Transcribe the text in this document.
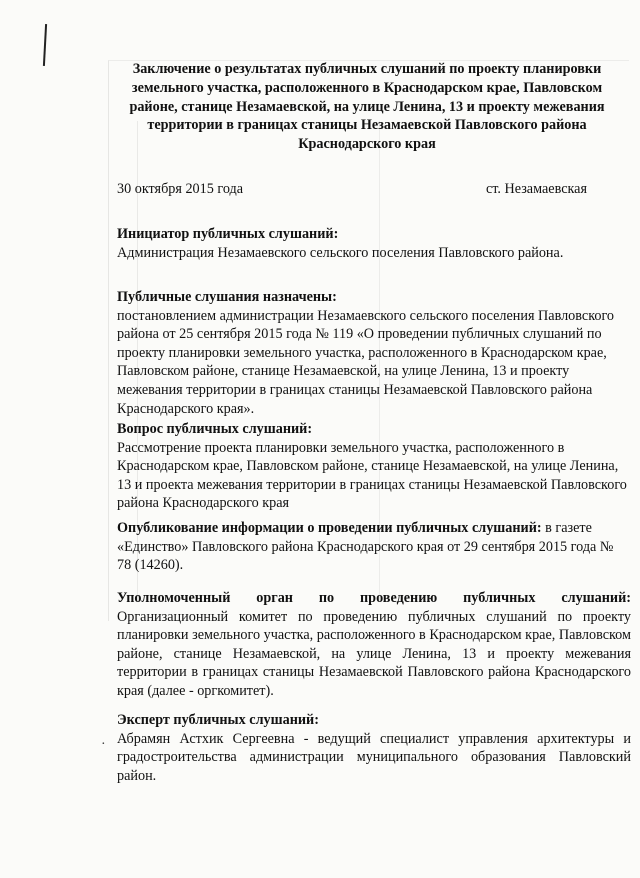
Заключение о результатах публичных слушаний по проекту планировки земельного участка, расположенного в Краснодарском крае, Павловском районе, станице Незамаевской, на улице Ленина, 13 и проекту межевания территории в границах станицы Незамаевской Павловского района Краснодарского края
30 октября 2015 года	ст. Незамаевская
Инициатор публичных слушаний:
Администрация Незамаевского сельского поселения Павловского района.
Публичные слушания назначены:
постановлением администрации Незамаевского сельского поселения Павловского района от 25 сентября 2015 года № 119 «О проведении публичных слушаний по проекту планировки земельного участка, расположенного в Краснодарском крае, Павловском районе, станице Незамаевской, на улице Ленина, 13 и проекту межевания территории в границах станицы Незамаевской Павловского района Краснодарского края».
Вопрос публичных слушаний:
Рассмотрение проекта планировки земельного участка, расположенного в Краснодарском крае, Павловском районе, станице Незамаевской, на улице Ленина, 13 и проекта межевания территории в границах станицы Незамаевской Павловского района Краснодарского края
Опубликование информации о проведении публичных слушаний: в газете «Единство» Павловского района Краснодарского края от 29 сентября 2015 года № 78 (14260).
Уполномоченный орган по проведению публичных слушаний: Организационный комитет по проведению публичных слушаний по проекту планировки земельного участка, расположенного в Краснодарском крае, Павловском районе, станице Незамаевской, на улице Ленина, 13 и проекту межевания территории в границах станицы Незамаевской Павловского района Краснодарского края (далее - оргкомитет).
Эксперт публичных слушаний:
Абрамян Астхик Сергеевна - ведущий специалист управления архитектуры и градостроительства администрации муниципального образования Павловский район.
·
